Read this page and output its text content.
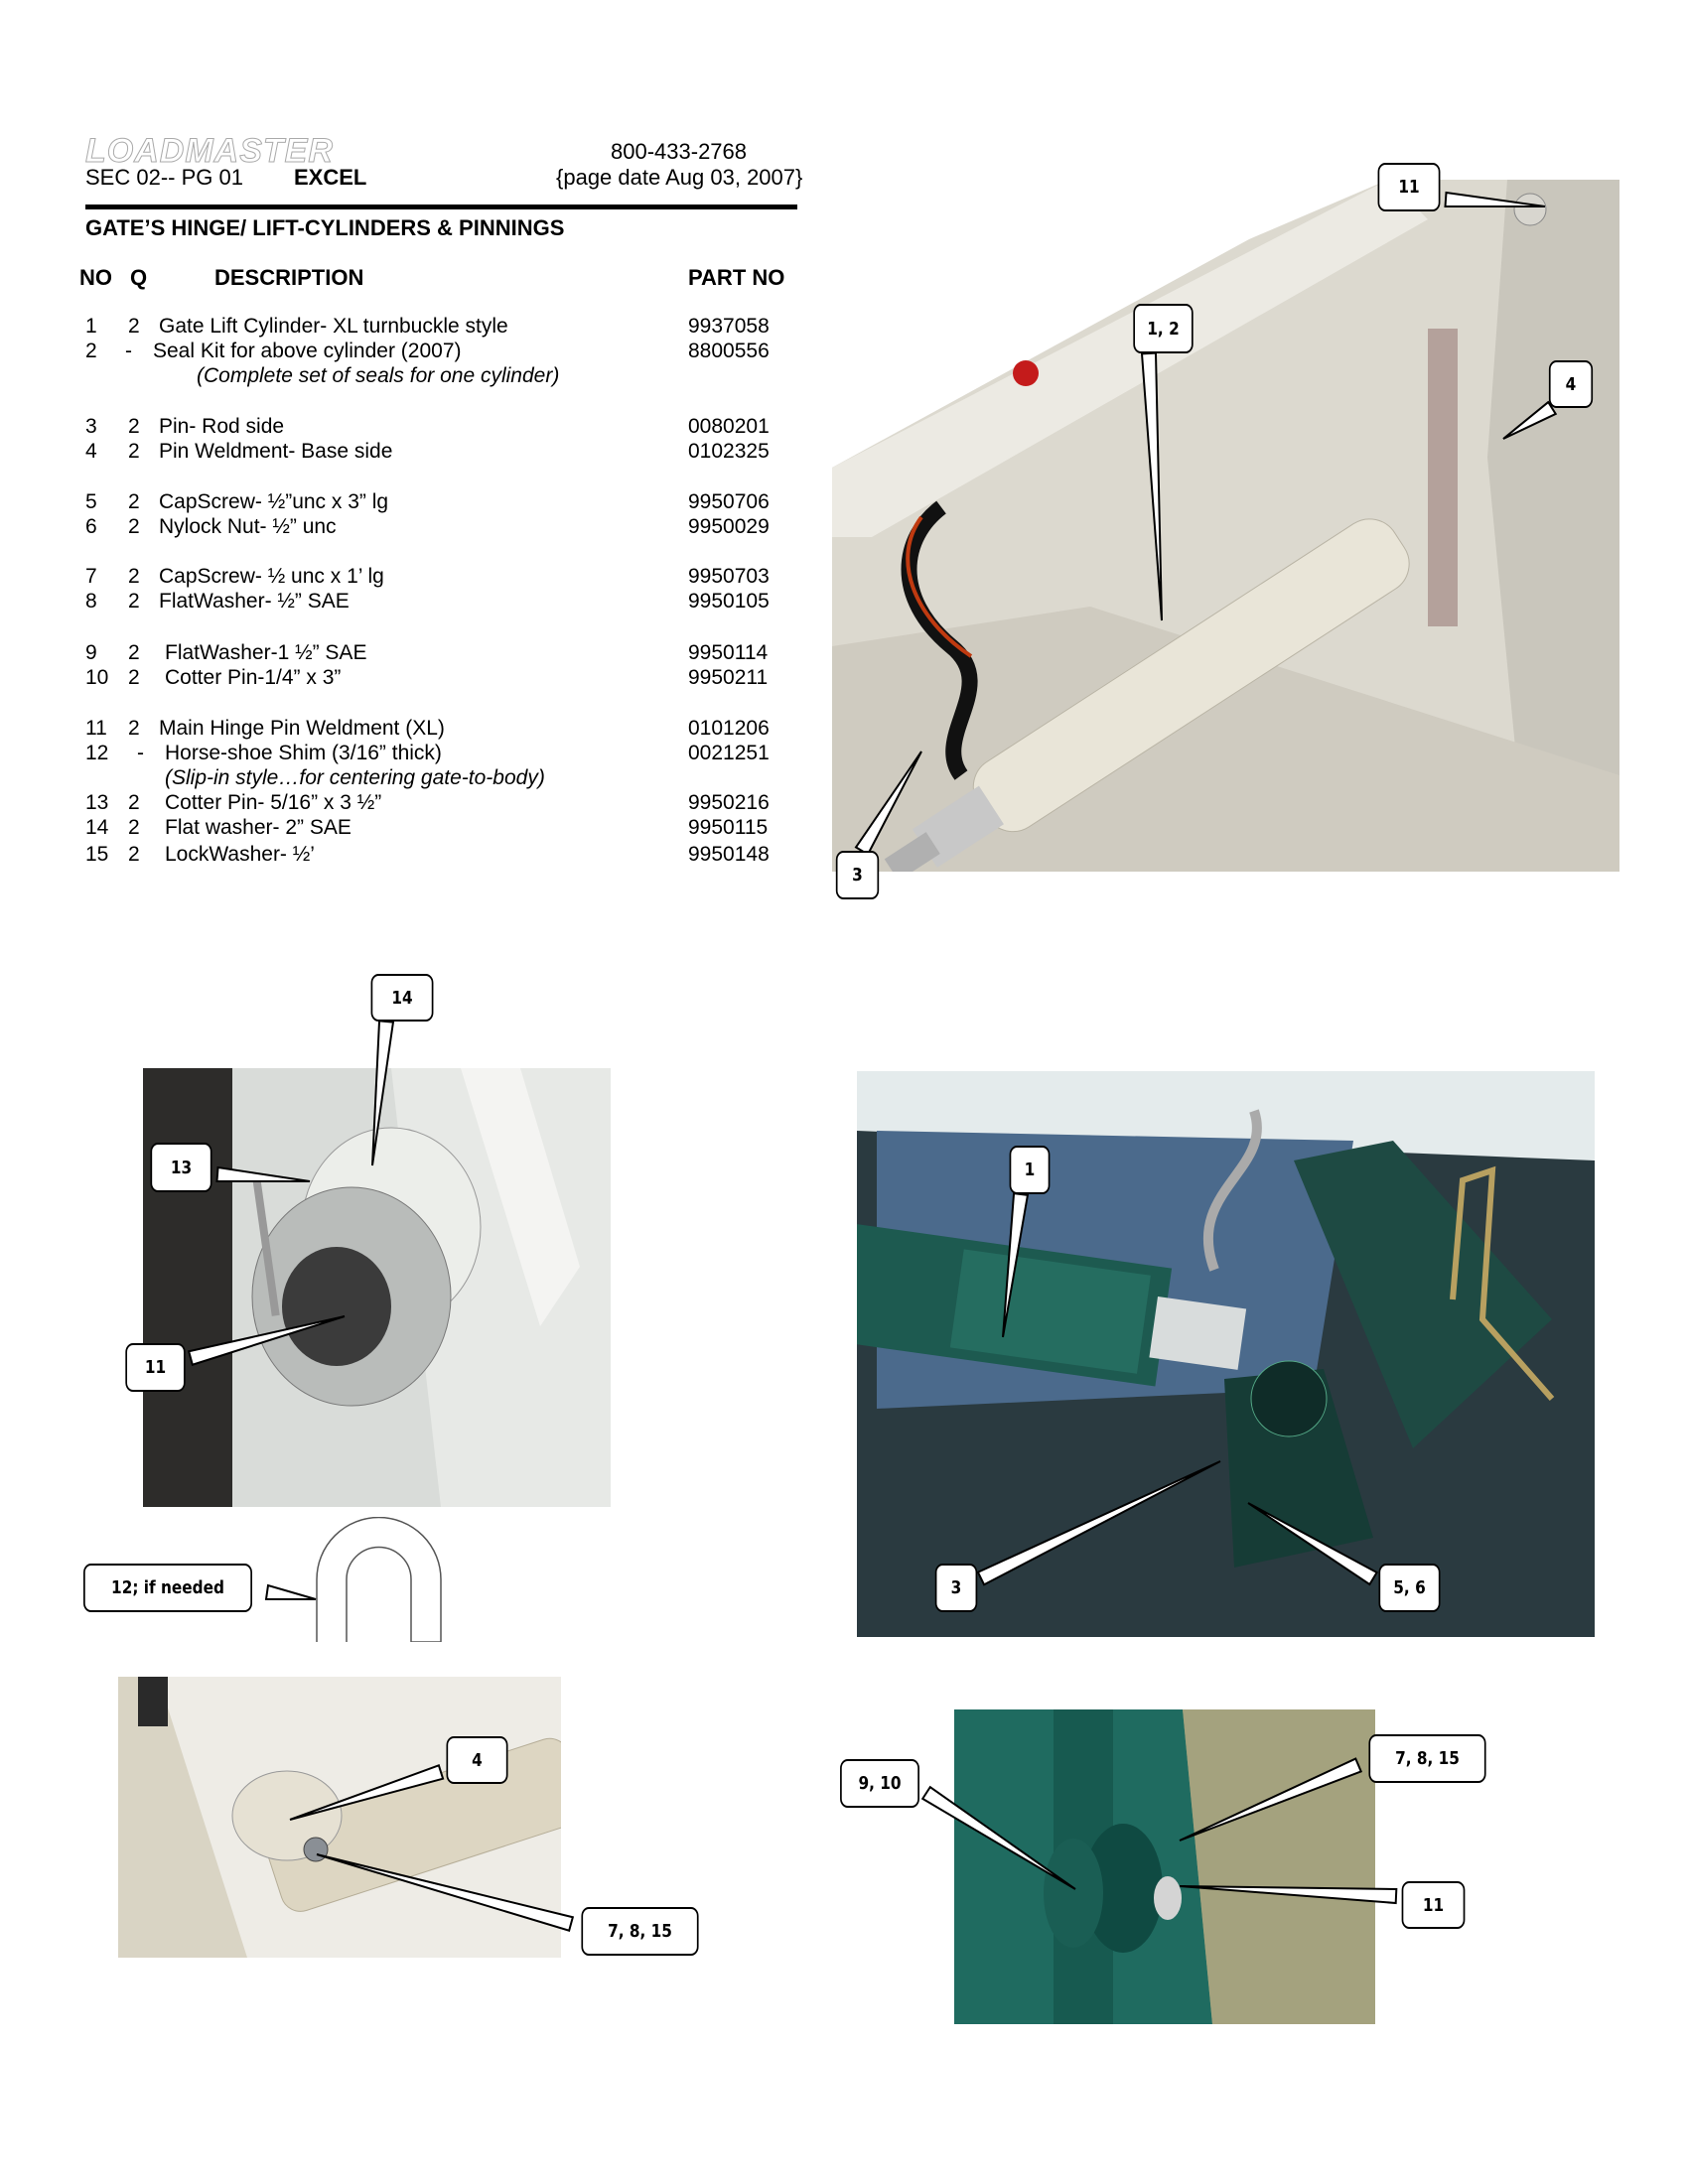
LOADMASTER
SEC 02-- PG 01 EXCEL
800-433-2768
{page date Aug 03, 2007}
GATE’S HINGE/ LIFT-CYLINDERS & PINNINGS
NO Q	DESCRIPTION	PART NO
1 2 Gate Lift Cylinder- XL turnbuckle style	9937058
2 - Seal Kit for above cylinder (2007)	8800556
(Complete set of seals for one cylinder)
3 2 Pin- Rod side	0080201
4 2 Pin Weldment- Base side	0102325
5 2 CapScrew- ½”unc x 3” lg	9950706
6 2 Nylock Nut- ½” unc	9950029
7 2 CapScrew- ½ unc x 1’ lg	9950703
8 2 FlatWasher- ½” SAE	9950105
9 2 FlatWasher-1 ½” SAE	9950114
10 2 Cotter Pin-1/4” x 3”	9950211
11 2 Main Hinge Pin Weldment (XL)	0101206
12 - Horse-shoe Shim (3/16” thick)	0021251
(Slip-in style…for centering gate-to-body)
13 2 Cotter Pin- 5/16” x 3 ½”	9950216
14 2 Flat washer- 2” SAE	9950115
15 2 LockWasher- ½’	9950148
11
1, 2
4
3
14
13
11
12; if needed
1
3	5, 6
4
7, 8, 15
9, 10
7, 8, 15
11
